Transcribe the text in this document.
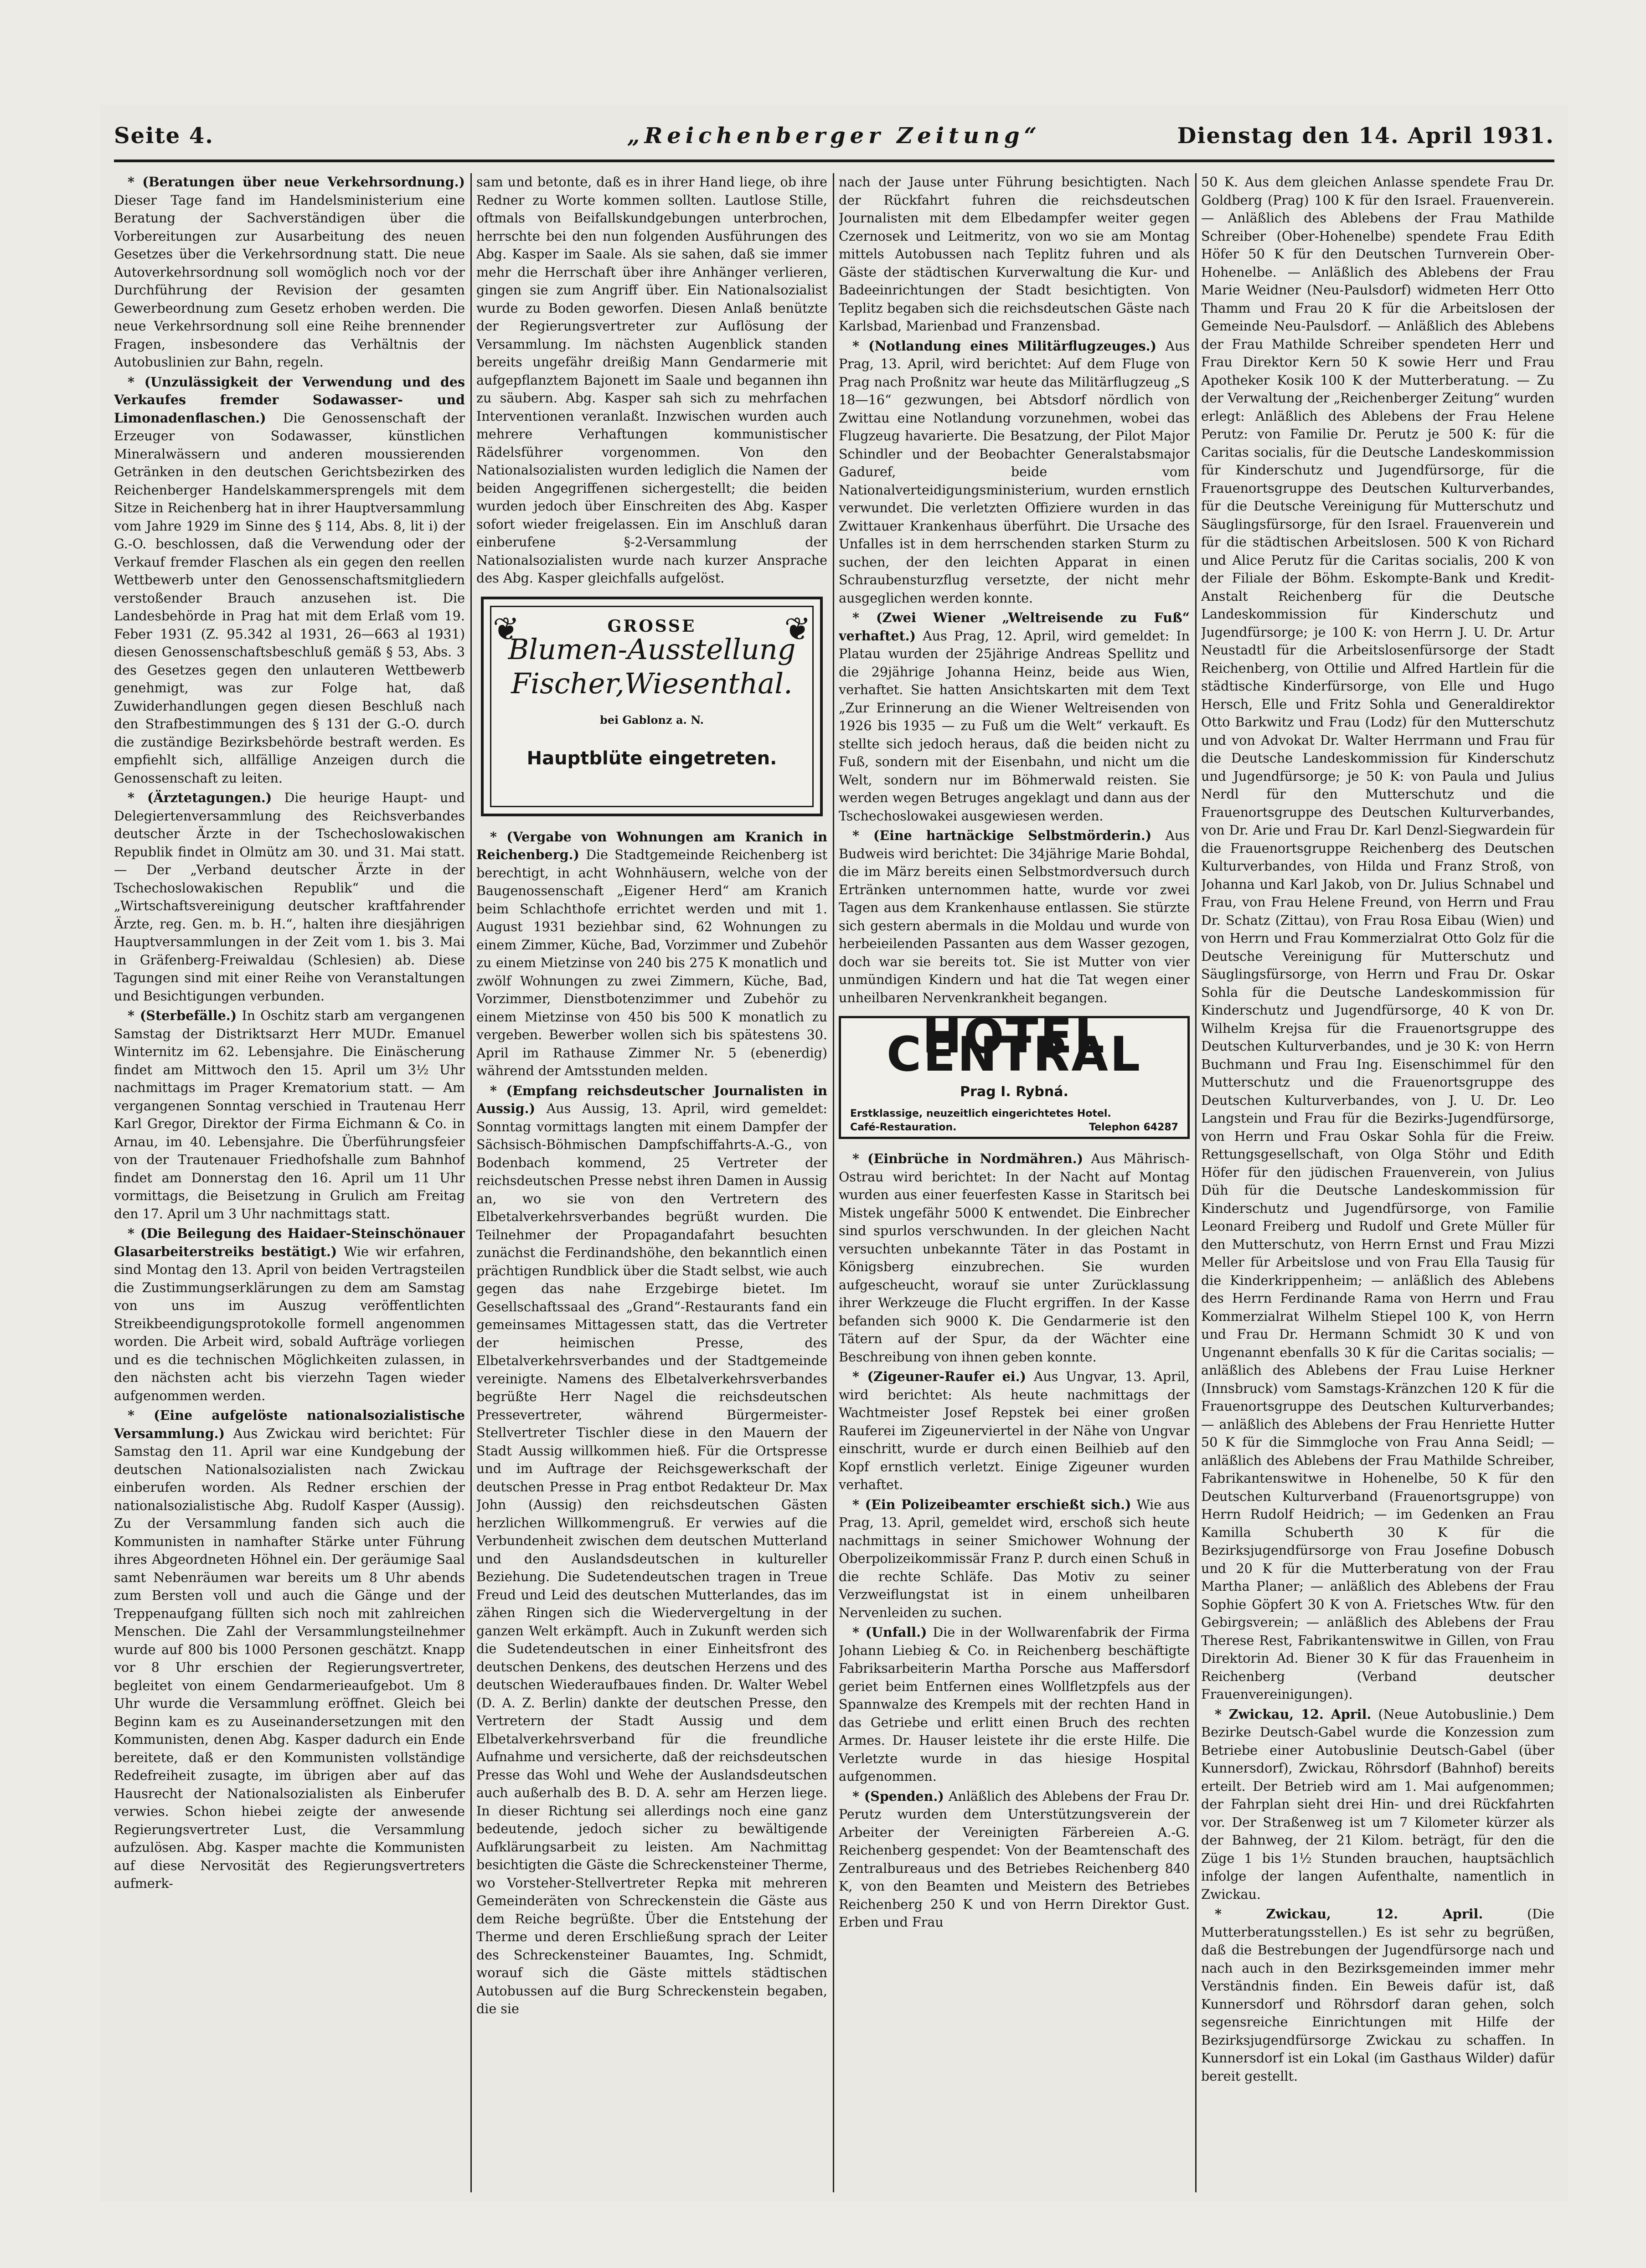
Seite 4.	„Reichenberger Zeitung“	Dienstag den 14. April 1931.

* (Beratungen über neue Verkehrsordnung.) Dieser Tage fand im Handelsministerium eine Beratung der Sachverständigen über die Vorbereitungen zur Ausarbeitung des neuen Gesetzes über die Verkehrsordnung statt. Die neue Autoverkehrsordnung soll womöglich noch vor der Durchführung der Revision der gesamten Gewerbeordnung zum Gesetz erhoben werden. Die neue Verkehrsordnung soll eine Reihe brennender Fragen, insbesondere das Verhältnis der Autobuslinien zur Bahn, regeln.

* (Unzulässigkeit der Verwendung und des Verkaufes fremder Sodawasser- und Limonadenflaschen.) Die Genossenschaft der Erzeuger von Sodawasser, künstlichen Mineralwässern und anderen moussierenden Getränken in den deutschen Gerichtsbezirken des Reichenberger Handelskammersprengels mit dem Sitze in Reichenberg hat in ihrer Hauptversammlung vom Jahre 1929 im Sinne des § 114, Abs. 8, lit i) der G.-O. beschlossen, daß die Verwendung oder der Verkauf fremder Flaschen als ein gegen den reellen Wettbewerb unter den Genossenschaftsmitgliedern verstoßender Brauch anzusehen ist. Die Landesbehörde in Prag hat mit dem Erlaß vom 19. Feber 1931 (Z. 95.342 al 1931, 26—663 al 1931) diesen Genossenschaftsbeschluß gemäß § 53, Abs. 3 des Gesetzes gegen den unlauteren Wettbewerb genehmigt, was zur Folge hat, daß Zuwiderhandlungen gegen diesen Beschluß nach den Strafbestimmungen des § 131 der G.-O. durch die zuständige Bezirksbehörde bestraft werden. Es empfiehlt sich, allfällige Anzeigen durch die Genossenschaft zu leiten.

* (Ärztetagungen.) Die heurige Haupt- und Delegiertenversammlung des Reichsverbandes deutscher Ärzte in der Tschechoslowakischen Republik findet in Olmütz am 30. und 31. Mai statt. — Der „Verband deutscher Ärzte in der Tschechoslowakischen Republik“ und die „Wirtschaftsvereinigung deutscher kraftfahrender Ärzte, reg. Gen. m. b. H.“, halten ihre diesjährigen Hauptversammlungen in der Zeit vom 1. bis 3. Mai in Gräfenberg-Freiwaldau (Schlesien) ab. Diese Tagungen sind mit einer Reihe von Veranstaltungen und Besichtigungen verbunden.

* (Sterbefälle.) In Oschitz starb am vergangenen Samstag der Distriktsarzt Herr MUDr. Emanuel Winternitz im 62. Lebensjahre. Die Einäscherung findet am Mittwoch den 15. April um 3½ Uhr nachmittags im Prager Krematorium statt. — Am vergangenen Sonntag verschied in Trautenau Herr Karl Gregor, Direktor der Firma Eichmann & Co. in Arnau, im 40. Lebensjahre. Die Überführungsfeier von der Trautenauer Friedhofshalle zum Bahnhof findet am Donnerstag den 16. April um 11 Uhr vormittags, die Beisetzung in Grulich am Freitag den 17. April um 3 Uhr nachmittags statt.

* (Die Beilegung des Haidaer-Steinschönauer Glasarbeiterstreiks bestätigt.) Wie wir erfahren, sind Montag den 13. April von beiden Vertragsteilen die Zustimmungserklärungen zu dem am Samstag von uns im Auszug veröffentlichten Streikbeendigungsprotokolle formell angenommen worden. Die Arbeit wird, sobald Aufträge vorliegen und es die technischen Möglichkeiten zulassen, in den nächsten acht bis vierzehn Tagen wieder aufgenommen werden.

* (Eine aufgelöste nationalsozialistische Versammlung.) Aus Zwickau wird berichtet: Für Samstag den 11. April war eine Kundgebung der deutschen Nationalsozialisten nach Zwickau einberufen worden. Als Redner erschien der nationalsozialistische Abg. Rudolf Kasper (Aussig). Zu der Versammlung fanden sich auch die Kommunisten in namhafter Stärke unter Führung ihres Abgeordneten Höhnel ein. Der geräumige Saal samt Nebenräumen war bereits um 8 Uhr abends zum Bersten voll und auch die Gänge und der Treppenaufgang füllten sich noch mit zahlreichen Menschen. Die Zahl der Versammlungsteilnehmer wurde auf 800 bis 1000 Personen geschätzt. Knapp vor 8 Uhr erschien der Regierungsvertreter, begleitet von einem Gendarmerieaufgebot. Um 8 Uhr wurde die Versammlung eröffnet. Gleich bei Beginn kam es zu Auseinandersetzungen mit den Kommunisten, denen Abg. Kasper dadurch ein Ende bereitete, daß er den Kommunisten vollständige Redefreiheit zusagte, im übrigen aber auf das Hausrecht der Nationalsozialisten als Einberufer verwies. Schon hiebei zeigte der anwesende Regierungsvertreter Lust, die Versammlung aufzulösen. Abg. Kasper machte die Kommunisten auf diese Nervosität des Regierungsvertreters aufmerk-

sam und betonte, daß es in ihrer Hand liege, ob ihre Redner zu Worte kommen sollten. Lautlose Stille, oftmals von Beifallskundgebungen unterbrochen, herrschte bei den nun folgenden Ausführungen des Abg. Kasper im Saale. Als sie sahen, daß sie immer mehr die Herrschaft über ihre Anhänger verlieren, gingen sie zum Angriff über. Ein Nationalsozialist wurde zu Boden geworfen. Diesen Anlaß benützte der Regierungsvertreter zur Auflösung der Versammlung. Im nächsten Augenblick standen bereits ungefähr dreißig Mann Gendarmerie mit aufgepflanztem Bajonett im Saale und begannen ihn zu säubern. Abg. Kasper sah sich zu mehrfachen Interventionen veranlaßt. Inzwischen wurden auch mehrere Verhaftungen kommunistischer Rädelsführer vorgenommen. Von den Nationalsozialisten wurden lediglich die Namen der beiden Angegriffenen sichergestellt; die beiden wurden jedoch über Einschreiten des Abg. Kasper sofort wieder freigelassen. Ein im Anschluß daran einberufene §-2-Versammlung der Nationalsozialisten wurde nach kurzer Ansprache des Abg. Kasper gleichfalls aufgelöst.

❦	❦
GROSSE
Blumen-Ausstellung
Fischer,Wiesenthal.
bei Gablonz a. N.
Hauptblüte eingetreten.

* (Vergabe von Wohnungen am Kranich in Reichenberg.) Die Stadtgemeinde Reichenberg ist berechtigt, in acht Wohnhäusern, welche von der Baugenossenschaft „Eigener Herd“ am Kranich beim Schlachthofe errichtet werden und mit 1. August 1931 beziehbar sind, 62 Wohnungen zu einem Zimmer, Küche, Bad, Vorzimmer und Zubehör zu einem Mietzinse von 240 bis 275 K monatlich und zwölf Wohnungen zu zwei Zimmern, Küche, Bad, Vorzimmer, Dienstbotenzimmer und Zubehör zu einem Mietzinse von 450 bis 500 K monatlich zu vergeben. Bewerber wollen sich bis spätestens 30. April im Rathause Zimmer Nr. 5 (ebenerdig) während der Amtsstunden melden.

* (Empfang reichsdeutscher Journalisten in Aussig.) Aus Aussig, 13. April, wird gemeldet: Sonntag vormittags langten mit einem Dampfer der Sächsisch-Böhmischen Dampfschiffahrts-A.-G., von Bodenbach kommend, 25 Vertreter der reichsdeutschen Presse nebst ihren Damen in Aussig an, wo sie von den Vertretern des Elbetalverkehrsverbandes begrüßt wurden. Die Teilnehmer der Propagandafahrt besuchten zunächst die Ferdinandshöhe, den bekanntlich einen prächtigen Rundblick über die Stadt selbst, wie auch gegen das nahe Erzgebirge bietet. Im Gesellschaftssaal des „Grand“-Restaurants fand ein gemeinsames Mittagessen statt, das die Vertreter der heimischen Presse, des Elbetalverkehrsverbandes und der Stadtgemeinde vereinigte. Namens des Elbetalverkehrsverbandes begrüßte Herr Nagel die reichsdeutschen Pressevertreter, während Bürgermeister-Stellvertreter Tischler diese in den Mauern der Stadt Aussig willkommen hieß. Für die Ortspresse und im Auftrage der Reichsgewerkschaft der deutschen Presse in Prag entbot Redakteur Dr. Max John (Aussig) den reichsdeutschen Gästen herzlichen Willkommengruß. Er verwies auf die Verbundenheit zwischen dem deutschen Mutterland und den Auslandsdeutschen in kultureller Beziehung. Die Sudetendeutschen tragen in Treue Freud und Leid des deutschen Mutterlandes, das im zähen Ringen sich die Wiedervergeltung in der ganzen Welt erkämpft. Auch in Zukunft werden sich die Sudetendeutschen in einer Einheitsfront des deutschen Denkens, des deutschen Herzens und des deutschen Wiederaufbaues finden. Dr. Walter Webel (D. A. Z. Berlin) dankte der deutschen Presse, den Vertretern der Stadt Aussig und dem Elbetalverkehrsverband für die freundliche Aufnahme und versicherte, daß der reichsdeutschen Presse das Wohl und Wehe der Auslandsdeutschen auch außerhalb des B. D. A. sehr am Herzen liege. In dieser Richtung sei allerdings noch eine ganz bedeutende, jedoch sicher zu bewältigende Aufklärungsarbeit zu leisten. Am Nachmittag besichtigten die Gäste die Schreckensteiner Therme, wo Vorsteher-Stellvertreter Repka mit mehreren Gemeinderäten von Schreckenstein die Gäste aus dem Reiche begrüßte. Über die Entstehung der Therme und deren Erschließung sprach der Leiter des Schreckensteiner Bauamtes, Ing. Schmidt, worauf sich die Gäste mittels städtischen Autobussen auf die Burg Schreckenstein begaben, die sie

nach der Jause unter Führung besichtigten. Nach der Rückfahrt fuhren die reichsdeutschen Journalisten mit dem Elbedampfer weiter gegen Czernosek und Leitmeritz, von wo sie am Montag mittels Autobussen nach Teplitz fuhren und als Gäste der städtischen Kurverwaltung die Kur- und Badeeinrichtungen der Stadt besichtigten. Von Teplitz begaben sich die reichsdeutschen Gäste nach Karlsbad, Marienbad und Franzensbad.

* (Notlandung eines Militärflugzeuges.) Aus Prag, 13. April, wird berichtet: Auf dem Fluge von Prag nach Proßnitz war heute das Militärflugzeug „S 18—16“ gezwungen, bei Abtsdorf nördlich von Zwittau eine Notlandung vorzunehmen, wobei das Flugzeug havarierte. Die Besatzung, der Pilot Major Schindler und der Beobachter Generalstabsmajor Gaduref, beide vom Nationalverteidigungsministerium, wurden ernstlich verwundet. Die verletzten Offiziere wurden in das Zwittauer Krankenhaus überführt. Die Ursache des Unfalles ist in dem herrschenden starken Sturm zu suchen, der den leichten Apparat in einen Schraubensturzflug versetzte, der nicht mehr ausgeglichen werden konnte.

* (Zwei Wiener „Weltreisende zu Fuß“ verhaftet.) Aus Prag, 12. April, wird gemeldet: In Platau wurden der 25jährige Andreas Spellitz und die 29jährige Johanna Heinz, beide aus Wien, verhaftet. Sie hatten Ansichtskarten mit dem Text „Zur Erinnerung an die Wiener Weltreisenden von 1926 bis 1935 — zu Fuß um die Welt“ verkauft. Es stellte sich jedoch heraus, daß die beiden nicht zu Fuß, sondern mit der Eisenbahn, und nicht um die Welt, sondern nur im Böhmerwald reisten. Sie werden wegen Betruges angeklagt und dann aus der Tschechoslowakei ausgewiesen werden.

* (Eine hartnäckige Selbstmörderin.) Aus Budweis wird berichtet: Die 34jährige Marie Bohdal, die im März bereits einen Selbstmordversuch durch Ertränken unternommen hatte, wurde vor zwei Tagen aus dem Krankenhause entlassen. Sie stürzte sich gestern abermals in die Moldau und wurde von herbeieilenden Passanten aus dem Wasser gezogen, doch war sie bereits tot. Sie ist Mutter von vier unmündigen Kindern und hat die Tat wegen einer unheilbaren Nervenkrankheit begangen.

HOTEL CENTRAL
Prag I. Rybná.
Erstklassige, neuzeitlich eingerichtetes Hotel.
Café-Restauration.	Telephon 64287

* (Einbrüche in Nordmähren.) Aus Mährisch-Ostrau wird berichtet: In der Nacht auf Montag wurden aus einer feuerfesten Kasse in Staritsch bei Mistek ungefähr 5000 K entwendet. Die Einbrecher sind spurlos verschwunden. In der gleichen Nacht versuchten unbekannte Täter in das Postamt in Königsberg einzubrechen. Sie wurden aufgescheucht, worauf sie unter Zurücklassung ihrer Werkzeuge die Flucht ergriffen. In der Kasse befanden sich 9000 K. Die Gendarmerie ist den Tätern auf der Spur, da der Wächter eine Beschreibung von ihnen geben konnte.

* (Zigeuner-Raufer ei.) Aus Ungvar, 13. April, wird berichtet: Als heute nachmittags der Wachtmeister Josef Repstek bei einer großen Rauferei im Zigeunerviertel in der Nähe von Ungvar einschritt, wurde er durch einen Beilhieb auf den Kopf ernstlich verletzt. Einige Zigeuner wurden verhaftet.

* (Ein Polizeibeamter erschießt sich.) Wie aus Prag, 13. April, gemeldet wird, erschoß sich heute nachmittags in seiner Smichower Wohnung der Oberpolizeikommissär Franz P. durch einen Schuß in die rechte Schläfe. Das Motiv zu seiner Verzweiflungstat ist in einem unheilbaren Nervenleiden zu suchen.

* (Unfall.) Die in der Wollwarenfabrik der Firma Johann Liebieg & Co. in Reichenberg beschäftigte Fabriksarbeiterin Martha Porsche aus Maffersdorf geriet beim Entfernen eines Wollfletzpfels aus der Spannwalze des Krempels mit der rechten Hand in das Getriebe und erlitt einen Bruch des rechten Armes. Dr. Hauser leistete ihr die erste Hilfe. Die Verletzte wurde in das hiesige Hospital aufgenommen.

* (Spenden.) Anläßlich des Ablebens der Frau Dr. Perutz wurden dem Unterstützungsverein der Arbeiter der Vereinigten Färbereien A.-G. Reichenberg gespendet: Von der Beamtenschaft des Zentralbureaus und des Betriebes Reichenberg 840 K, von den Beamten und Meistern des Betriebes Reichenberg 250 K und von Herrn Direktor Gust. Erben und Frau

50 K. Aus dem gleichen Anlasse spendete Frau Dr. Goldberg (Prag) 100 K für den Israel. Frauenverein. — Anläßlich des Ablebens der Frau Mathilde Schreiber (Ober-Hohenelbe) spendete Frau Edith Höfer 50 K für den Deutschen Turnverein Ober-Hohenelbe. — Anläßlich des Ablebens der Frau Marie Weidner (Neu-Paulsdorf) widmeten Herr Otto Thamm und Frau 20 K für die Arbeitslosen der Gemeinde Neu-Paulsdorf. — Anläßlich des Ablebens der Frau Mathilde Schreiber spendeten Herr und Frau Direktor Kern 50 K sowie Herr und Frau Apotheker Kosik 100 K der Mutterberatung. — Zu der Verwaltung der „Reichenberger Zeitung“ wurden erlegt: Anläßlich des Ablebens der Frau Helene Perutz: von Familie Dr. Perutz je 500 K: für die Caritas socialis, für die Deutsche Landeskommission für Kinderschutz und Jugendfürsorge, für die Frauenortsgruppe des Deutschen Kulturverbandes, für die Deutsche Vereinigung für Mutterschutz und Säuglingsfürsorge, für den Israel. Frauenverein und für die städtischen Arbeitslosen. 500 K von Richard und Alice Perutz für die Caritas socialis, 200 K von der Filiale der Böhm. Eskompte-Bank und Kredit-Anstalt Reichenberg für die Deutsche Landeskommission für Kinderschutz und Jugendfürsorge; je 100 K: von Herrn J. U. Dr. Artur Neustadtl für die Arbeitslosenfürsorge der Stadt Reichenberg, von Ottilie und Alfred Hartlein für die städtische Kinderfürsorge, von Elle und Hugo Hersch, Elle und Fritz Sohla und Generaldirektor Otto Barkwitz und Frau (Lodz) für den Mutterschutz und von Advokat Dr. Walter Herrmann und Frau für die Deutsche Landeskommission für Kinderschutz und Jugendfürsorge; je 50 K: von Paula und Julius Nerdl für den Mutterschutz und die Frauenortsgruppe des Deutschen Kulturverbandes, von Dr. Arie und Frau Dr. Karl Denzl-Siegwardein für die Frauenortsgruppe Reichenberg des Deutschen Kulturverbandes, von Hilda und Franz Stroß, von Johanna und Karl Jakob, von Dr. Julius Schnabel und Frau, von Frau Helene Freund, von Herrn und Frau Dr. Schatz (Zittau), von Frau Rosa Eibau (Wien) und von Herrn und Frau Kommerzialrat Otto Golz für die Deutsche Vereinigung für Mutterschutz und Säuglingsfürsorge, von Herrn und Frau Dr. Oskar Sohla für die Deutsche Landeskommission für Kinderschutz und Jugendfürsorge, 40 K von Dr. Wilhelm Krejsa für die Frauenortsgruppe des Deutschen Kulturverbandes, und je 30 K: von Herrn Buchmann und Frau Ing. Eisenschimmel für den Mutterschutz und die Frauenortsgruppe des Deutschen Kulturverbandes, von J. U. Dr. Leo Langstein und Frau für die Bezirks-Jugendfürsorge, von Herrn und Frau Oskar Sohla für die Freiw. Rettungsgesellschaft, von Olga Stöhr und Edith Höfer für den jüdischen Frauenverein, von Julius Düh für die Deutsche Landeskommission für Kinderschutz und Jugendfürsorge, von Familie Leonard Freiberg und Rudolf und Grete Müller für den Mutterschutz, von Herrn Ernst und Frau Mizzi Meller für Arbeitslose und von Frau Ella Tausig für die Kinderkrippenheim; — anläßlich des Ablebens des Herrn Ferdinande Rama von Herrn und Frau Kommerzialrat Wilhelm Stiepel 100 K, von Herrn und Frau Dr. Hermann Schmidt 30 K und von Ungenannt ebenfalls 30 K für die Caritas socialis; — anläßlich des Ablebens der Frau Luise Herkner (Innsbruck) vom Samstags-Kränzchen 120 K für die Frauenortsgruppe des Deutschen Kulturverbandes; — anläßlich des Ablebens der Frau Henriette Hutter 50 K für die Simmgloche von Frau Anna Seidl; — anläßlich des Ablebens der Frau Mathilde Schreiber, Fabrikantenswitwe in Hohenelbe, 50 K für den Deutschen Kulturverband (Frauenortsgruppe) von Herrn Rudolf Heidrich; — im Gedenken an Frau Kamilla Schuberth 30 K für die Bezirksjugendfürsorge von Frau Josefine Dobusch und 20 K für die Mutterberatung von der Frau Martha Planer; — anläßlich des Ablebens der Frau Sophie Göpfert 30 K von A. Frietsches Wtw. für den Gebirgsverein; — anläßlich des Ablebens der Frau Therese Rest, Fabrikantenswitwe in Gillen, von Frau Direktorin Ad. Biener 30 K für das Frauenheim in Reichenberg (Verband deutscher Frauenvereinigungen).

* Zwickau, 12. April. (Neue Autobuslinie.) Dem Bezirke Deutsch-Gabel wurde die Konzession zum Betriebe einer Autobuslinie Deutsch-Gabel (über Kunnersdorf), Zwickau, Röhrsdorf (Bahnhof) bereits erteilt. Der Betrieb wird am 1. Mai aufgenommen; der Fahrplan sieht drei Hin- und drei Rückfahrten vor. Der Straßenweg ist um 7 Kilometer kürzer als der Bahnweg, der 21 Kilom. beträgt, für den die Züge 1 bis 1½ Stunden brauchen, hauptsächlich infolge der langen Aufenthalte, namentlich in Zwickau.

* Zwickau, 12. April.	(Die Mutterberatungsstellen.) Es ist sehr zu begrüßen, daß die Bestrebungen der Jugendfürsorge nach und nach auch in den Bezirksgemeinden immer mehr Verständnis finden. Ein Beweis dafür ist, daß Kunnersdorf und Röhrsdorf daran gehen, solch segensreiche Einrichtungen mit Hilfe der Bezirksjugendfürsorge Zwickau zu schaffen. In Kunnersdorf ist ein Lokal (im Gasthaus Wilder) dafür bereit gestellt.
